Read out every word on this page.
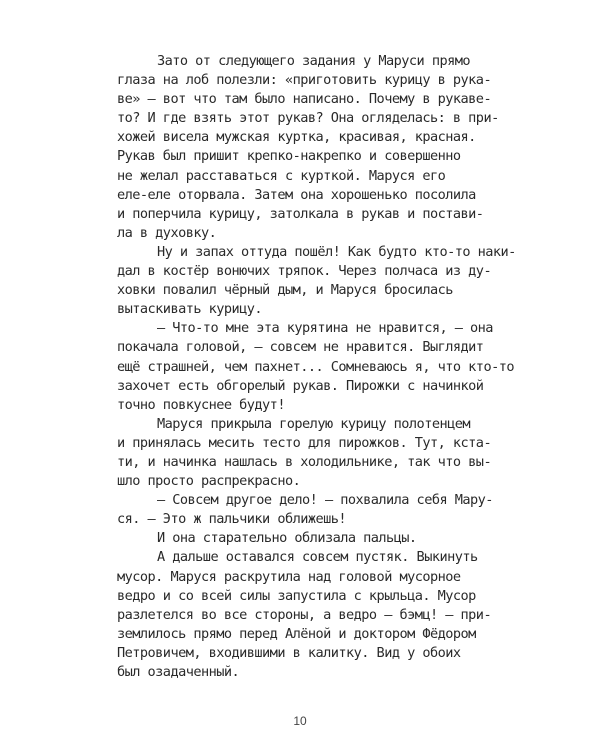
Зато от следующего задания у Маруси прямо
глаза на лоб полезли: «приготовить курицу в рука-
ве» — вот что там было написано. Почему в рукаве-
то? И где взять этот рукав? Она огляделась: в при-
хожей висела мужская куртка, красивая, красная.
Рукав был пришит крепко-накрепко и совершенно
не желал расставаться с курткой. Маруся его
еле-еле оторвала. Затем она хорошенько посолила
и поперчила курицу, затолкала в рукав и постави-
ла в духовку.
Ну и запах оттуда пошёл! Как будто кто-то наки-
дал в костёр вонючих тряпок. Через полчаса из ду-
ховки повалил чёрный дым, и Маруся бросилась
вытаскивать курицу.
— Что-то мне эта курятина не нравится, — она
покачала головой, — совсем не нравится. Выглядит
ещё страшней, чем пахнет... Сомневаюсь я, что кто-то
захочет есть обгорелый рукав. Пирожки с начинкой
точно повкуснее будут!
Маруся прикрыла горелую курицу полотенцем
и принялась месить тесто для пирожков. Тут, кста-
ти, и начинка нашлась в холодильнике, так что вы-
шло просто распрекрасно.
— Совсем другое дело! — похвалила себя Мару-
ся. — Это ж пальчики оближешь!
И она старательно облизала пальцы.
А дальше оставался совсем пустяк. Выкинуть
мусор. Маруся раскрутила над головой мусорное
ведро и со всей силы запустила с крыльца. Мусор
разлетелся во все стороны, а ведро — бэмц! — при-
землилось прямо перед Алёной и доктором Фёдором
Петровичем, входившими в калитку. Вид у обоих
был озадаченный.
10
